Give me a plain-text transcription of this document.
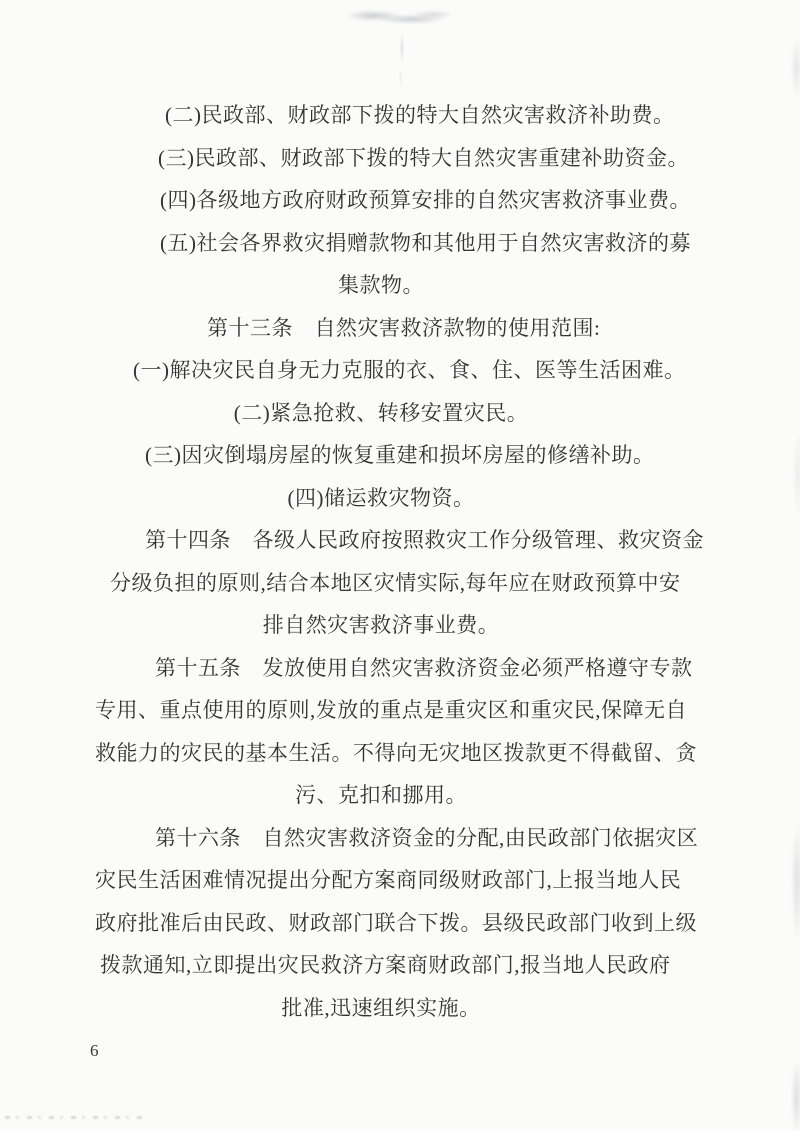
(二)民政部、财政部下拨的特大自然灾害救济补助费。

(三)民政部、财政部下拨的特大自然灾害重建补助资金。

(四)各级地方政府财政预算安排的自然灾害救济事业费。

(五)社会各界救灾捐赠款物和其他用于自然灾害救济的募

集款物。

第十三条　自然灾害救济款物的使用范围:

(一)解决灾民自身无力克服的衣、食、住、医等生活困难。

(二)紧急抢救、转移安置灾民。

(三)因灾倒塌房屋的恢复重建和损坏房屋的修缮补助。

(四)储运救灾物资。

第十四条　各级人民政府按照救灾工作分级管理、救灾资金

分级负担的原则,结合本地区灾情实际,每年应在财政预算中安

排自然灾害救济事业费。

第十五条　发放使用自然灾害救济资金必须严格遵守专款

专用、重点使用的原则,发放的重点是重灾区和重灾民,保障无自

救能力的灾民的基本生活。不得向无灾地区拨款更不得截留、贪

污、克扣和挪用。

第十六条　自然灾害救济资金的分配,由民政部门依据灾区

灾民生活困难情况提出分配方案商同级财政部门,上报当地人民

政府批准后由民政、财政部门联合下拨。县级民政部门收到上级

拨款通知,立即提出灾民救济方案商财政部门,报当地人民政府

批准,迅速组织实施。

6
